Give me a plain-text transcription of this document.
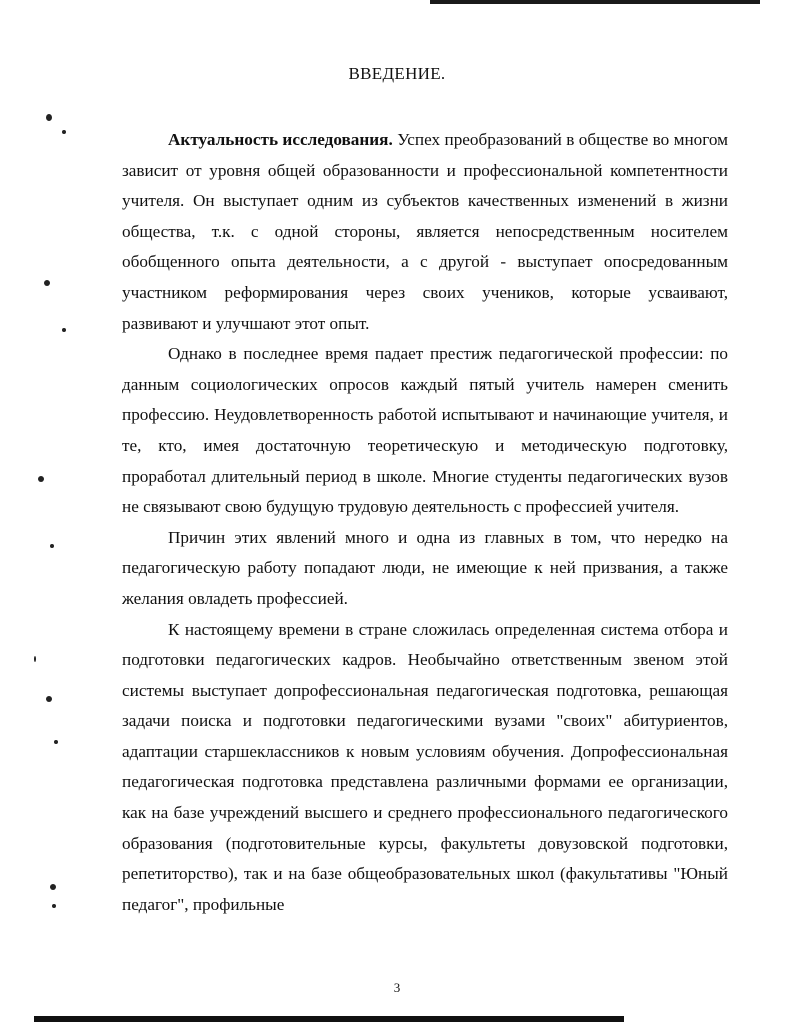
ВВЕДЕНИЕ.

Актуальность исследования. Успех преобразований в обществе во многом зависит от уровня общей образованности и профессиональной компетентности учителя. Он выступает одним из субъектов качественных изменений в жизни общества, т.к. с одной стороны, является непосредственным носителем обобщенного опыта деятельности, а с другой - выступает опосредованным участником реформирования через своих учеников, которые усваивают, развивают и улучшают этот опыт.

Однако в последнее время падает престиж педагогической профессии: по данным социологических опросов каждый пятый учитель намерен сменить профессию. Неудовлетворенность работой испытывают и начинающие учителя, и те, кто, имея достаточную теоретическую и методическую подготовку, проработал длительный период в школе. Многие студенты педагогических вузов не связывают свою будущую трудовую деятельность с профессией учителя.

Причин этих явлений много и одна из главных в том, что нередко на педагогическую работу попадают люди, не имеющие к ней призвания, а также желания овладеть профессией.

К настоящему времени в стране сложилась определенная система отбора и подготовки педагогических кадров. Необычайно ответственным звеном этой системы выступает допрофессиональная педагогическая подготовка, решающая задачи поиска и подготовки педагогическими вузами "своих" абитуриентов, адаптации старшеклассников к новым условиям обучения. Допрофессиональная педагогическая подготовка представлена различными формами ее организации, как на базе учреждений высшего и среднего профессионального педагогического образования (подготовительные курсы, факультеты довузовской подготовки, репетиторство), так и на базе общеобразовательных школ (факультативы "Юный педагог", профильные

3
